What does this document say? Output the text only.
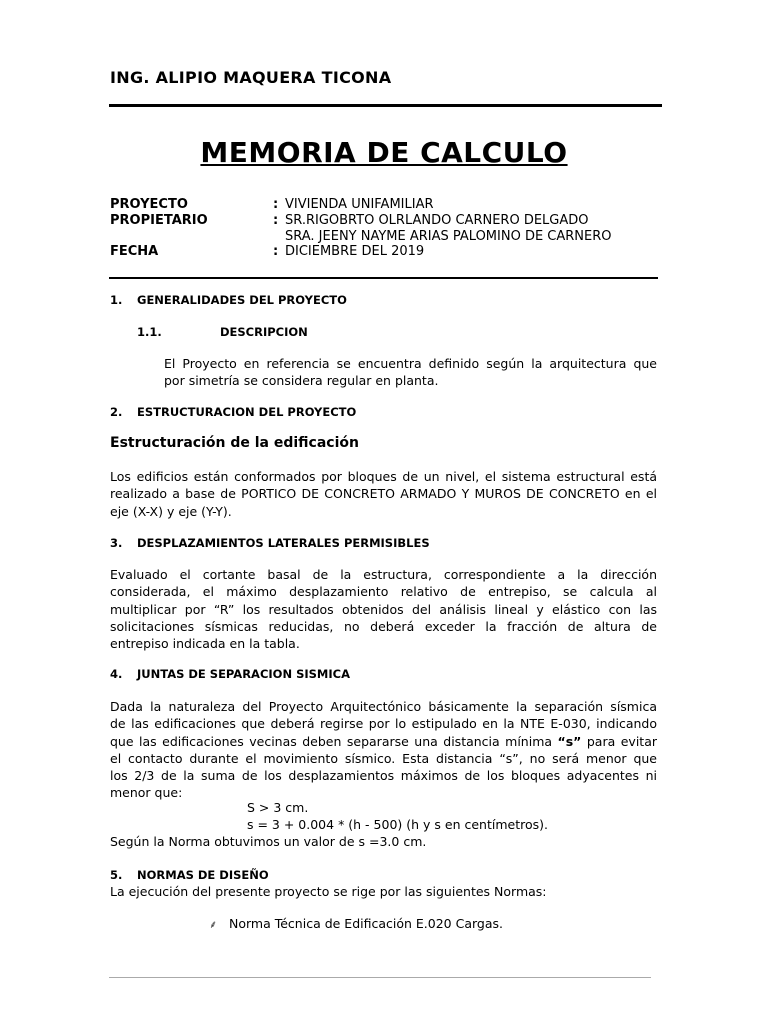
ING. ALIPIO MAQUERA TICONA
MEMORIA DE CALCULO
PROYECTO	: VIVIENDA UNIFAMILIAR
PROPIETARIO	: SR.RIGOBRTO OLRLANDO CARNERO DELGADO
SRA. JEENY NAYME ARIAS PALOMINO DE CARNERO
FECHA	: DICIEMBRE DEL 2019
1. GENERALIDADES DEL PROYECTO
1.1.	DESCRIPCION
El Proyecto en referencia se encuentra definido según la arquitectura que
por simetría se considera regular en planta.
2. ESTRUCTURACION DEL PROYECTO
Estructuración de la edificación
Los edificios están conformados por bloques de un nivel, el sistema estructural está
realizado a base de PORTICO DE CONCRETO ARMADO Y MUROS DE CONCRETO en el
eje (X-X) y eje (Y-Y).
3. DESPLAZAMIENTOS LATERALES PERMISIBLES
Evaluado el cortante basal de la estructura, correspondiente a la dirección
considerada, el máximo desplazamiento relativo de entrepiso, se calcula al
multiplicar por “R” los resultados obtenidos del análisis lineal y elástico con las
solicitaciones sísmicas reducidas, no deberá exceder la fracción de altura de
entrepiso indicada en la tabla.
4. JUNTAS DE SEPARACION SISMICA
Dada la naturaleza del Proyecto Arquitectónico básicamente la separación sísmica
de las edificaciones que deberá regirse por lo estipulado en la NTE E-030, indicando
que las edificaciones vecinas deben separarse una distancia mínima “s” para evitar
el contacto durante el movimiento sísmico. Esta distancia “s”, no será menor que
los 2/3 de la suma de los desplazamientos máximos de los bloques adyacentes ni
menor que:
S > 3 cm.
s = 3 + 0.004 * (h - 500) (h y s en centímetros).
Según la Norma obtuvimos un valor de s =3.0 cm.
5. NORMAS DE DISEÑO
La ejecución del presente proyecto se rige por las siguientes Normas:
⸙ Norma Técnica de Edificación E.020 Cargas.
